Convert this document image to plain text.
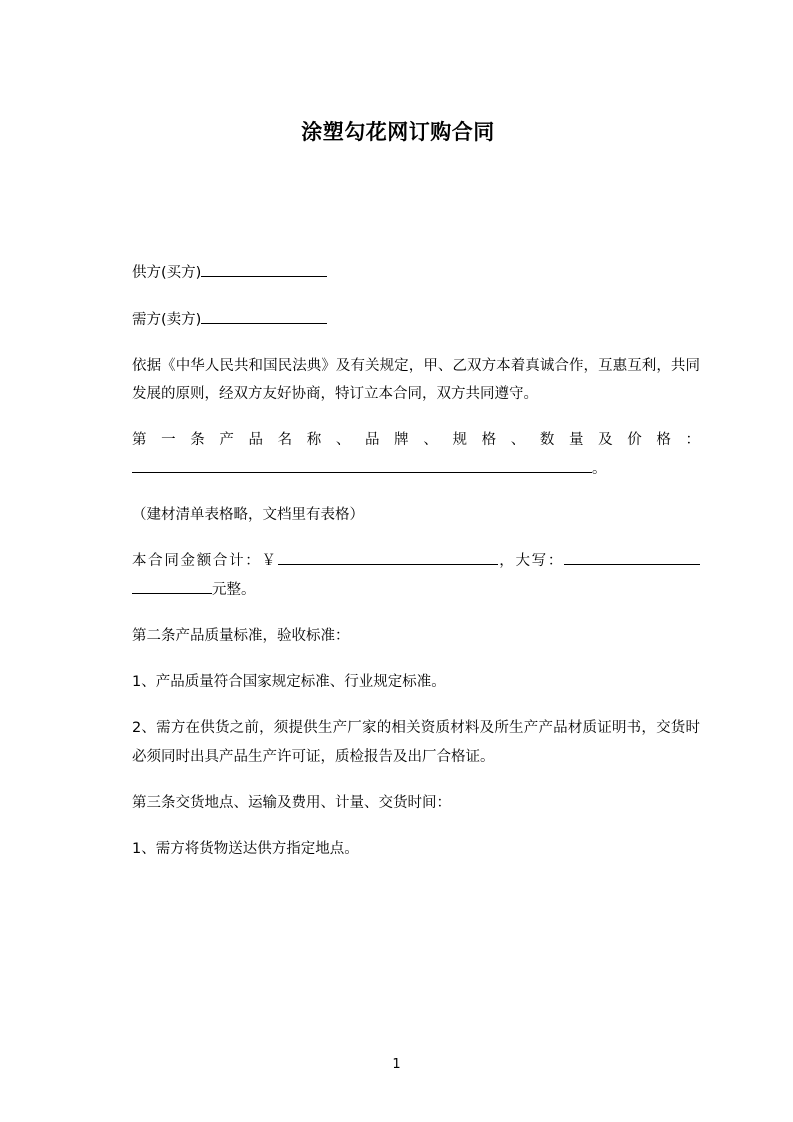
涂塑勾花网订购合同

供方(买方)

需方(卖方)

依据《中华人民共和国民法典》及有关规定，甲、乙双方本着真诚合作，互惠互利，共同发展的原则，经双方友好协商，特订立本合同，双方共同遵守。

第一条产品名称、品牌、规格、数量及价格：。

（建材清单表格略，文档里有表格）

本合同金额合计：￥	，大写：元整。

第二条产品质量标准，验收标准：

1、产品质量符合国家规定标准、行业规定标准。

2、需方在供货之前，须提供生产厂家的相关资质材料及所生产产品材质证明书，交货时必须同时出具产品生产许可证，质检报告及出厂合格证。

第三条交货地点、运输及费用、计量、交货时间：

1、需方将货物送达供方指定地点。

1
